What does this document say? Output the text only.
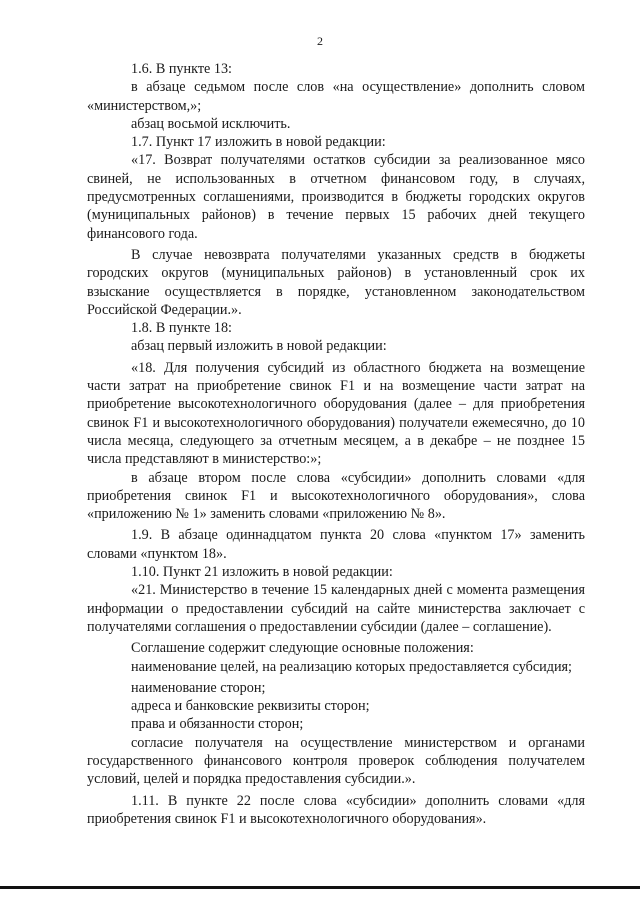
2

1.6. В пункте 13:

в абзаце седьмом после слов «на осуществление» дополнить словом «министерством,»;

абзац восьмой исключить.

1.7. Пункт 17 изложить в новой редакции:

«17. Возврат получателями остатков субсидии за реализованное мясо свиней, не использованных в отчетном финансовом году, в случаях, предусмотренных соглашениями, производится в бюджеты городских округов (муниципальных районов) в течение первых 15 рабочих дней текущего финансового года.

В случае невозврата получателями указанных средств в бюджеты городских округов (муниципальных районов) в установленный срок их взыскание осуществляется в порядке, установленном законодательством Российской Федерации.».

1.8. В пункте 18:

абзац первый изложить в новой редакции:

«18. Для получения субсидий из областного бюджета на возмещение части затрат на приобретение свинок F1 и на возмещение части затрат на приобретение высокотехнологичного оборудования (далее – для приобретения свинок F1 и высокотехнологичного оборудования) получатели ежемесячно, до 10 числа месяца, следующего за отчетным месяцем, а в декабре – не позднее 15 числа представляют в министерство:»;

в абзаце втором после слова «субсидии» дополнить словами «для приобретения свинок F1 и высокотехнологичного оборудования», слова «приложению № 1» заменить словами «приложению № 8».

1.9. В абзаце одиннадцатом пункта 20 слова «пунктом 17» заменить словами «пунктом 18».

1.10. Пункт 21 изложить в новой редакции:

«21. Министерство в течение 15 календарных дней с момента размещения информации о предоставлении субсидий на сайте министерства заключает с получателями соглашения о предоставлении субсидии (далее – соглашение).

Соглашение содержит следующие основные положения:

наименование целей, на реализацию которых предоставляется субсидия;

наименование сторон;

адреса и банковские реквизиты сторон;

права и обязанности сторон;

согласие получателя на осуществление министерством и органами государственного финансового контроля проверок соблюдения получателем условий, целей и порядка предоставления субсидии.».

1.11. В пункте 22 после слова «субсидии» дополнить словами «для приобретения свинок F1 и высокотехнологичного оборудования».
